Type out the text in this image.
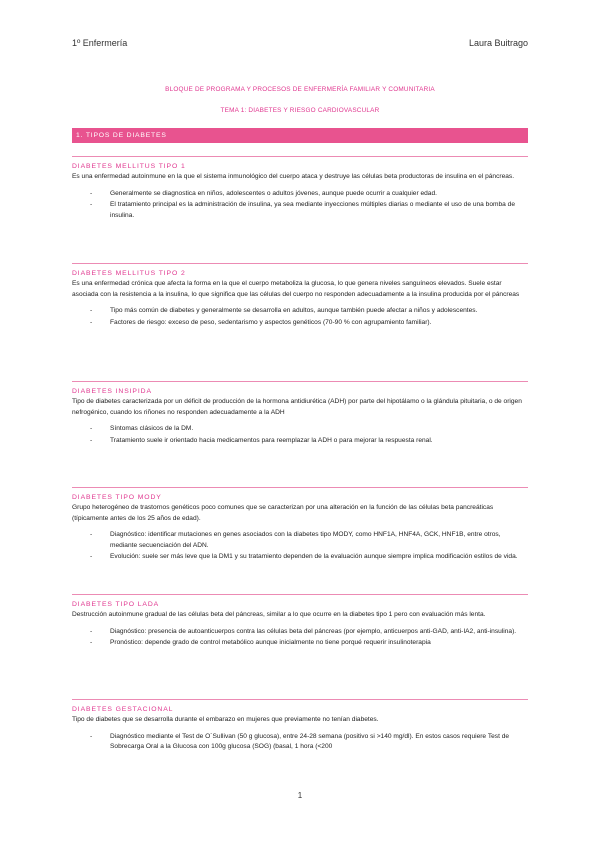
1º Enfermería	Laura Buitrago
BLOQUE DE PROGRAMA Y PROCESOS DE ENFERMERÍA FAMILIAR Y COMUNITARIA
TEMA 1: DIABETES Y RIESGO CARDIOVASCULAR
1. TIPOS DE DIABETES
DIABETES MELLITUS TIPO 1

Es una enfermedad autoinmune en la que el sistema inmunológico del cuerpo ataca y destruye las células beta productoras de insulina en el páncreas.

- Generalmente se diagnostica en niños, adolescentes o adultos jóvenes, aunque puede ocurrir a cualquier edad.
- El tratamiento principal es la administración de insulina, ya sea mediante inyecciones múltiples diarias o mediante el uso de una bomba de insulina.
DIABETES MELLITUS TIPO 2

Es una enfermedad crónica que afecta la forma en la que el cuerpo metaboliza la glucosa, lo que genera niveles sanguíneos elevados. Suele estar asociada con la resistencia a la insulina, lo que significa que las células del cuerpo no responden adecuadamente a la insulina producida por el páncreas

- Tipo más común de diabetes y generalmente se desarrolla en adultos, aunque también puede afectar a niños y adolescentes.
- Factores de riesgo: exceso de peso, sedentarismo y aspectos genéticos (70-90 % con agrupamiento familiar).
DIABETES INSIPIDA

Tipo de diabetes caracterizada por un déficit de producción de la hormona antidiurética (ADH) por parte del hipotálamo o la glándula pituitaria, o de origen nefrogénico, cuando los riñones no responden adecuadamente a la ADH

- Síntomas clásicos de la DM.
- Tratamiento suele ir orientado hacia medicamentos para reemplazar la ADH o para mejorar la respuesta renal.
DIABETES TIPO MODY

Grupo heterogéneo de trastornos genéticos poco comunes que se caracterizan por una alteración en la función de las células beta pancreáticas (típicamente antes de los 25 años de edad).

- Diagnóstico: identificar mutaciones en genes asociados con la diabetes tipo MODY, como HNF1A, HNF4A, GCK, HNF1B, entre otros, mediante secuenciación del ADN.
- Evolución: suele ser más leve que la DM1 y su tratamiento dependen de la evaluación aunque siempre implica modificación estilos de vida.
DIABETES TIPO LADA

Destrucción autoinmune gradual de las células beta del páncreas, similar a lo que ocurre en la diabetes tipo 1 pero con evaluación más lenta.

- Diagnóstico: presencia de autoanticuerpos contra las células beta del páncreas (por ejemplo, anticuerpos anti-GAD, anti-IA2, anti-insulina).
- Pronóstico: depende grado de control metabólico aunque inicialmente no tiene porqué requerir insulinoterapia
DIABETES GESTACIONAL

Tipo de diabetes que se desarrolla durante el embarazo en mujeres que previamente no tenían diabetes.

- Diagnóstico mediante el Test de O´Sullivan (50 g glucosa), entre 24-28 semana (positivo si >140 mg/dl). En estos casos requiere Test de Sobrecarga Oral a la Glucosa con 100g glucosa (SOG) (basal, 1 hora (<200
1
